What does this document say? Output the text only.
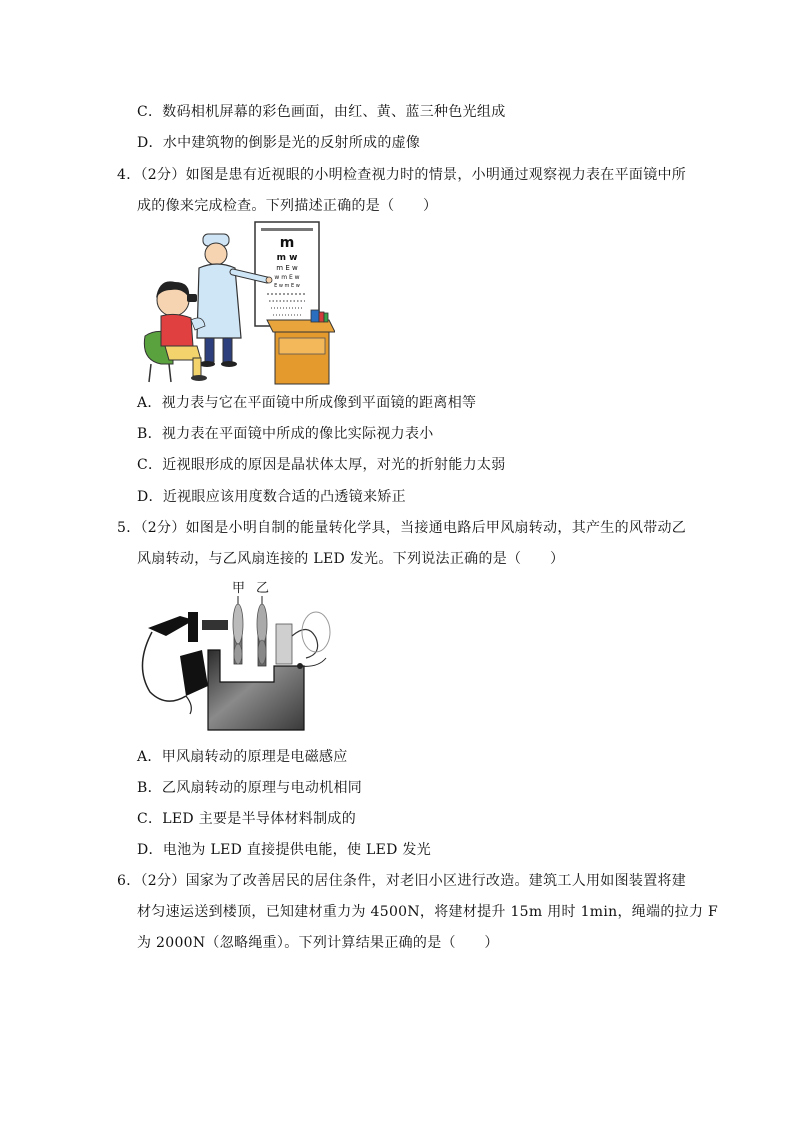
C．数码相机屏幕的彩色画面，由红、黄、蓝三种色光组成
D．水中建筑物的倒影是光的反射所成的虚像
4．（2分）如图是患有近视眼的小明检查视力时的情景，小明通过观察视力表在平面镜中所
成的像来完成检查。下列描述正确的是（　　）
m
m w
m E w
w m E w
E w m E w
A．视力表与它在平面镜中所成像到平面镜的距离相等
B．视力表在平面镜中所成的像比实际视力表小
C．近视眼形成的原因是晶状体太厚，对光的折射能力太弱
D．近视眼应该用度数合适的凸透镜来矫正
5．（2分）如图是小明自制的能量转化学具，当接通电路后甲风扇转动，其产生的风带动乙
风扇转动，与乙风扇连接的 LED 发光。下列说法正确的是（　　）
甲 乙
A．甲风扇转动的原理是电磁感应
B．乙风扇转动的原理与电动机相同
C．LED 主要是半导体材料制成的
D．电池为 LED 直接提供电能，使 LED 发光
6．（2分）国家为了改善居民的居住条件，对老旧小区进行改造。建筑工人用如图装置将建
材匀速运送到楼顶，已知建材重力为 4500N，将建材提升 15m 用时 1min，绳端的拉力 F
为 2000N（忽略绳重）。下列计算结果正确的是（　　）
